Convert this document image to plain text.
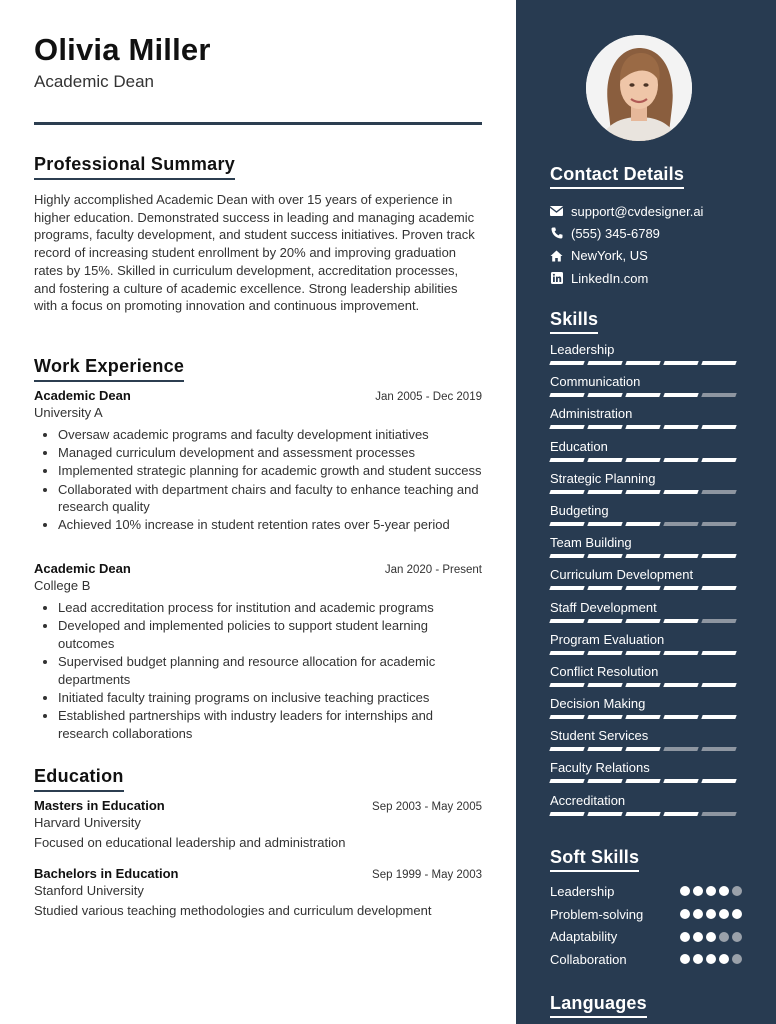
Olivia Miller
Academic Dean
Professional Summary

Highly accomplished Academic Dean with over 15 years of experience in higher education. Demonstrated success in leading and managing academic programs, faculty development, and student success initiatives. Proven track record of increasing student enrollment by 20% and improving graduation rates by 15%. Skilled in curriculum development, accreditation processes, and fostering a culture of academic excellence. Strong leadership abilities with a focus on promoting innovation and continuous improvement.

Work Experience
Academic Dean	Jan 2005 - Dec 2019
University A
• Oversaw academic programs and faculty development initiatives
• Managed curriculum development and assessment processes
• Implemented strategic planning for academic growth and student success
• Collaborated with department chairs and faculty to enhance teaching and research quality
• Achieved 10% increase in student retention rates over 5-year period
Academic Dean	Jan 2020 - Present
College B
• Lead accreditation process for institution and academic programs
• Developed and implemented policies to support student learning outcomes
• Supervised budget planning and resource allocation for academic departments
• Initiated faculty training programs on inclusive teaching practices
• Established partnerships with industry leaders for internships and research collaborations
Education
Masters in Education	Sep 2003 - May 2005
Harvard University
Focused on educational leadership and administration
Bachelors in Education	Sep 1999 - May 2003
Stanford University
Studied various teaching methodologies and curriculum development
Contact Details
support@cvdesigner.ai
(555) 345-6789
NewYork, US
LinkedIn.com
Skills
Leadership
Communication
Administration
Education
Strategic Planning
Budgeting
Team Building
Curriculum Development
Staff Development
Program Evaluation
Conflict Resolution
Decision Making
Student Services
Faculty Relations
Accreditation
Soft Skills
Leadership
Problem-solving
Adaptability
Collaboration
Languages
